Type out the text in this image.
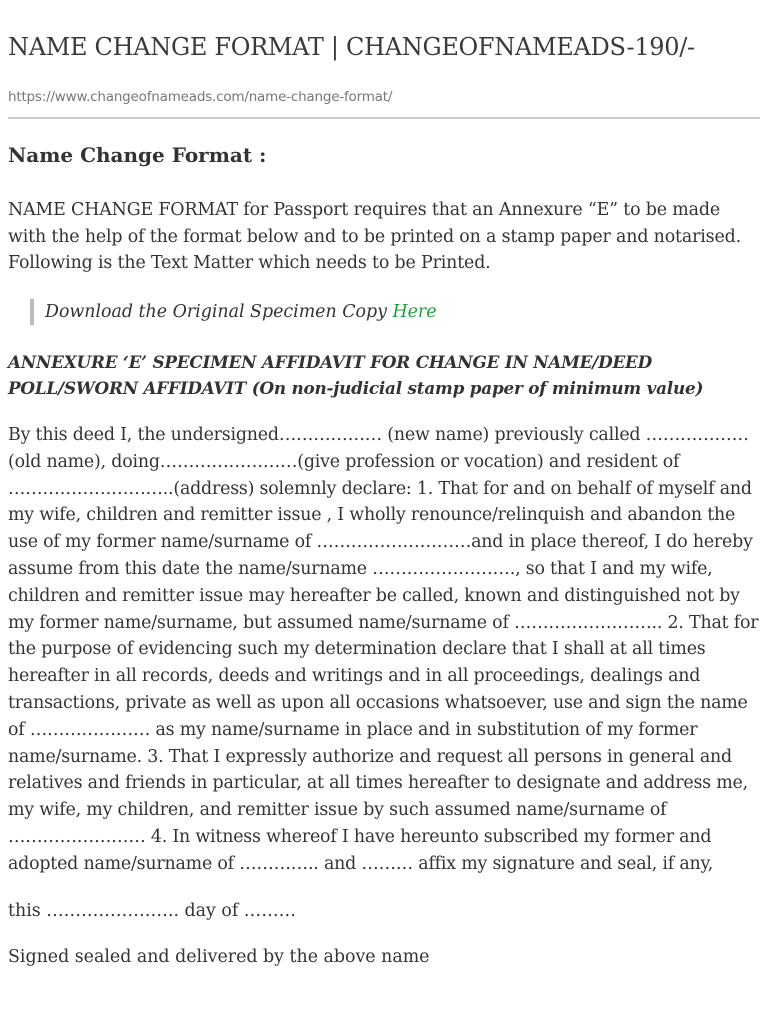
NAME CHANGE FORMAT | CHANGEOFNAMEADS-190/-
https://www.changeofnameads.com/name-change-format/
Name Change Format :

NAME CHANGE FORMAT for Passport requires that an Annexure “E” to be made with the help of the format below and to be printed on a stamp paper and notarised. Following is the Text Matter which needs to be Printed.

Download the Original Specimen Copy Here

ANNEXURE ‘E’ SPECIMEN AFFIDAVIT FOR CHANGE IN NAME/DEED POLL/SWORN AFFIDAVIT (On non-judicial stamp paper of minimum value)

By this deed I, the undersigned……………… (new name) previously called ……………… (old name), doing……………………(give profession or vocation) and resident of ………………………..(address) solemnly declare: 1. That for and on behalf of myself and my wife, children and remitter issue , I wholly renounce/relinquish and abandon the use of my former name/surname of ………………………and in place thereof, I do hereby assume from this date the name/surname ……………………., so that I and my wife, children and remitter issue may hereafter be called, known and distinguished not by my former name/surname, but assumed name/surname of …………………….. 2. That for the purpose of evidencing such my determination declare that I shall at all times hereafter in all records, deeds and writings and in all proceedings, dealings and transactions, private as well as upon all occasions whatsoever, use and sign the name of ………………… as my name/surname in place and in substitution of my former name/surname. 3. That I expressly authorize and request all persons in general and relatives and friends in particular, at all times hereafter to designate and address me, my wife, my children, and remitter issue by such assumed name/surname of …………………… 4. In witness whereof I have hereunto subscribed my former and adopted name/surname of ………….. and ……… affix my signature and seal, if any,

this ………………….. day of ………

Signed sealed and delivered by the above name
